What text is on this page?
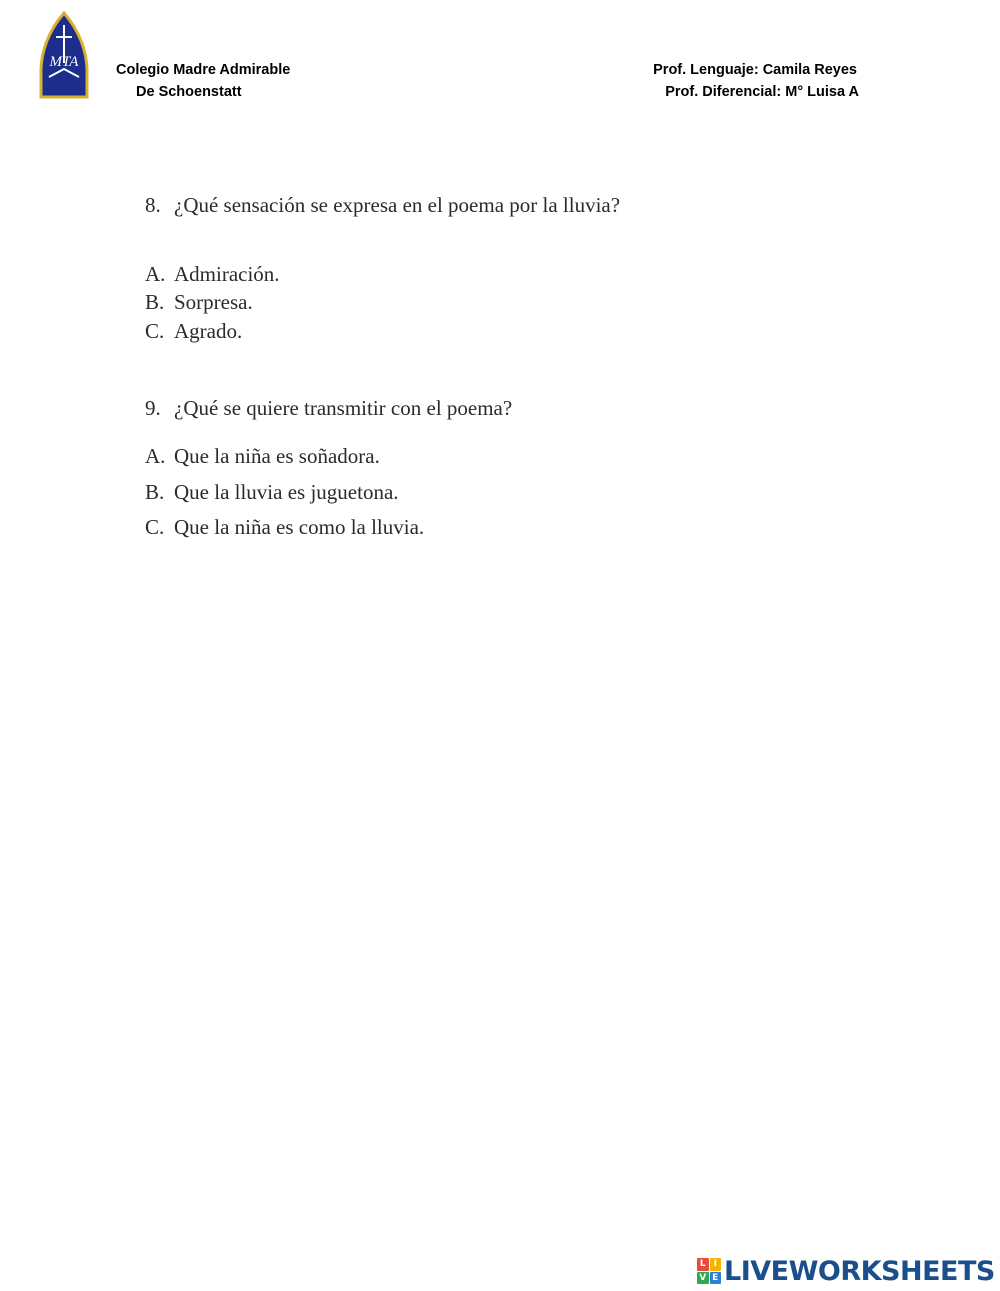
MTA	Colegio Madre Admirable
De Schoenstatt
Prof. Lenguaje: Camila Reyes
Prof. Diferencial: M° Luisa A
8. ¿Qué sensación se expresa en el poema por la lluvia?
A. Admiración.
B. Sorpresa.
C. Agrado.
9. ¿Qué se quiere transmitir con el poema?
A. Que la niña es soñadora.
B. Que la lluvia es juguetona.
C. Que la niña es como la lluvia.
L I
V E LIVEWORKSHEETS
